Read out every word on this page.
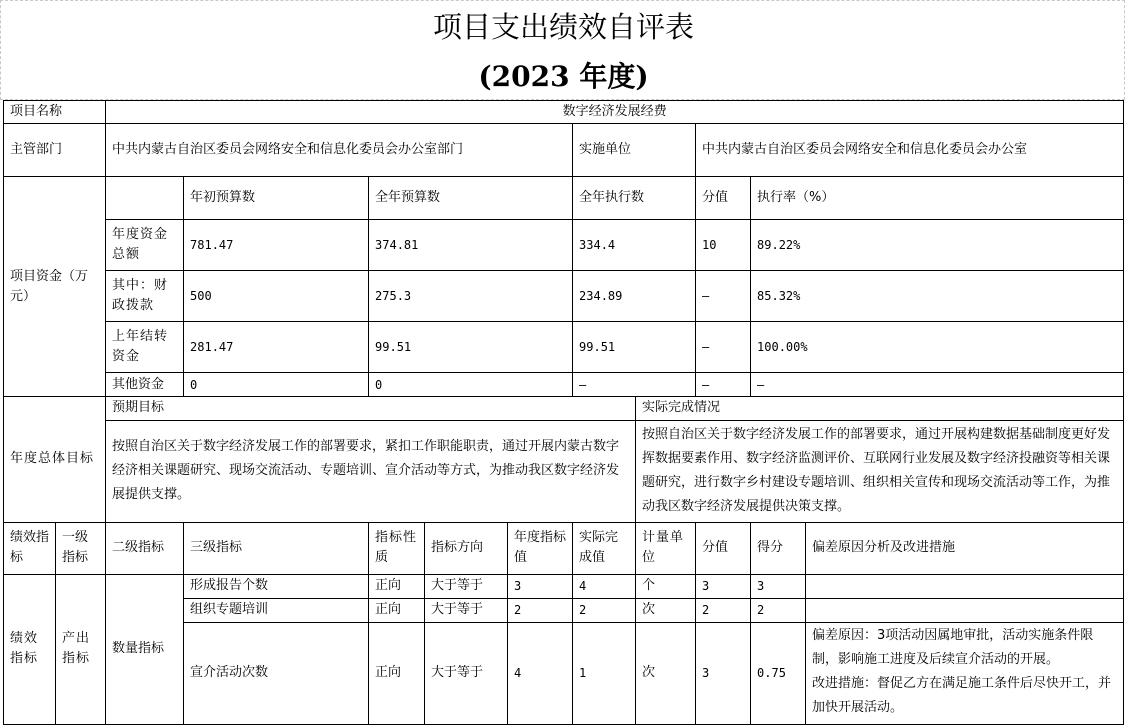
项目支出绩效自评表
(2023 年度)
项目名称		数字经济发展经费										
主管部门		中共内蒙古自治区委员会网络安全和信息化委员会办公室部门					实施单位		中共内蒙古自治区委员会网络安全和信息化委员会办公室			
项目资金（万元）			年初预算数	全年预算数			全年执行数		分值	执行率（%）	
		年度资金总额	781.47	374.81			334.4		10	89.22%	
		其中：财政拨款	500	275.3			234.89		–	85.32%	
		上年结转资金	281.47	99.51			99.51		–	100.00%	
		其他资金	0	0			–		–	–	
年度总体目标		预期目标						实际完成情况				
		按照自治区关于数字经济发展工作的部署要求，紧扣工作职能职责，通过开展内蒙古数字经济相关课题研究、现场交流活动、专题培训、宣介活动等方式，为推动我区数字经济发展提供支撑。						按照自治区关于数字经济发展工作的部署要求，通过开展构建数据基础制度更好发挥数据要素作用、数字经济监测评价、互联网行业发展及数字经济投融资等相关课题研究，进行数字乡村建设专题培训、组织相关宣传和现场交流活动等工作，为推动我区数字经济发展提供决策支撑。				
绩效指标	一级指标	二级指标	三级指标	指标性质	指标方向	年度指标值	实际完成值	计量单位	分值	得分	偏差原因分析及改进措施	
绩效指标	产出指标	数量指标	形成报告个数	正向	大于等于	3	4	个	3	3		
			组织专题培训	正向	大于等于	2	2	次	2	2		
			宣介活动次数	正向	大于等于	4	1	次	3	0.75	偏差原因：3项活动因属地审批，活动实施条件限制，影响施工进度及后续宣介活动的开展。
改进措施：督促乙方在满足施工条件后尽快开工，并加快开展活动。	
